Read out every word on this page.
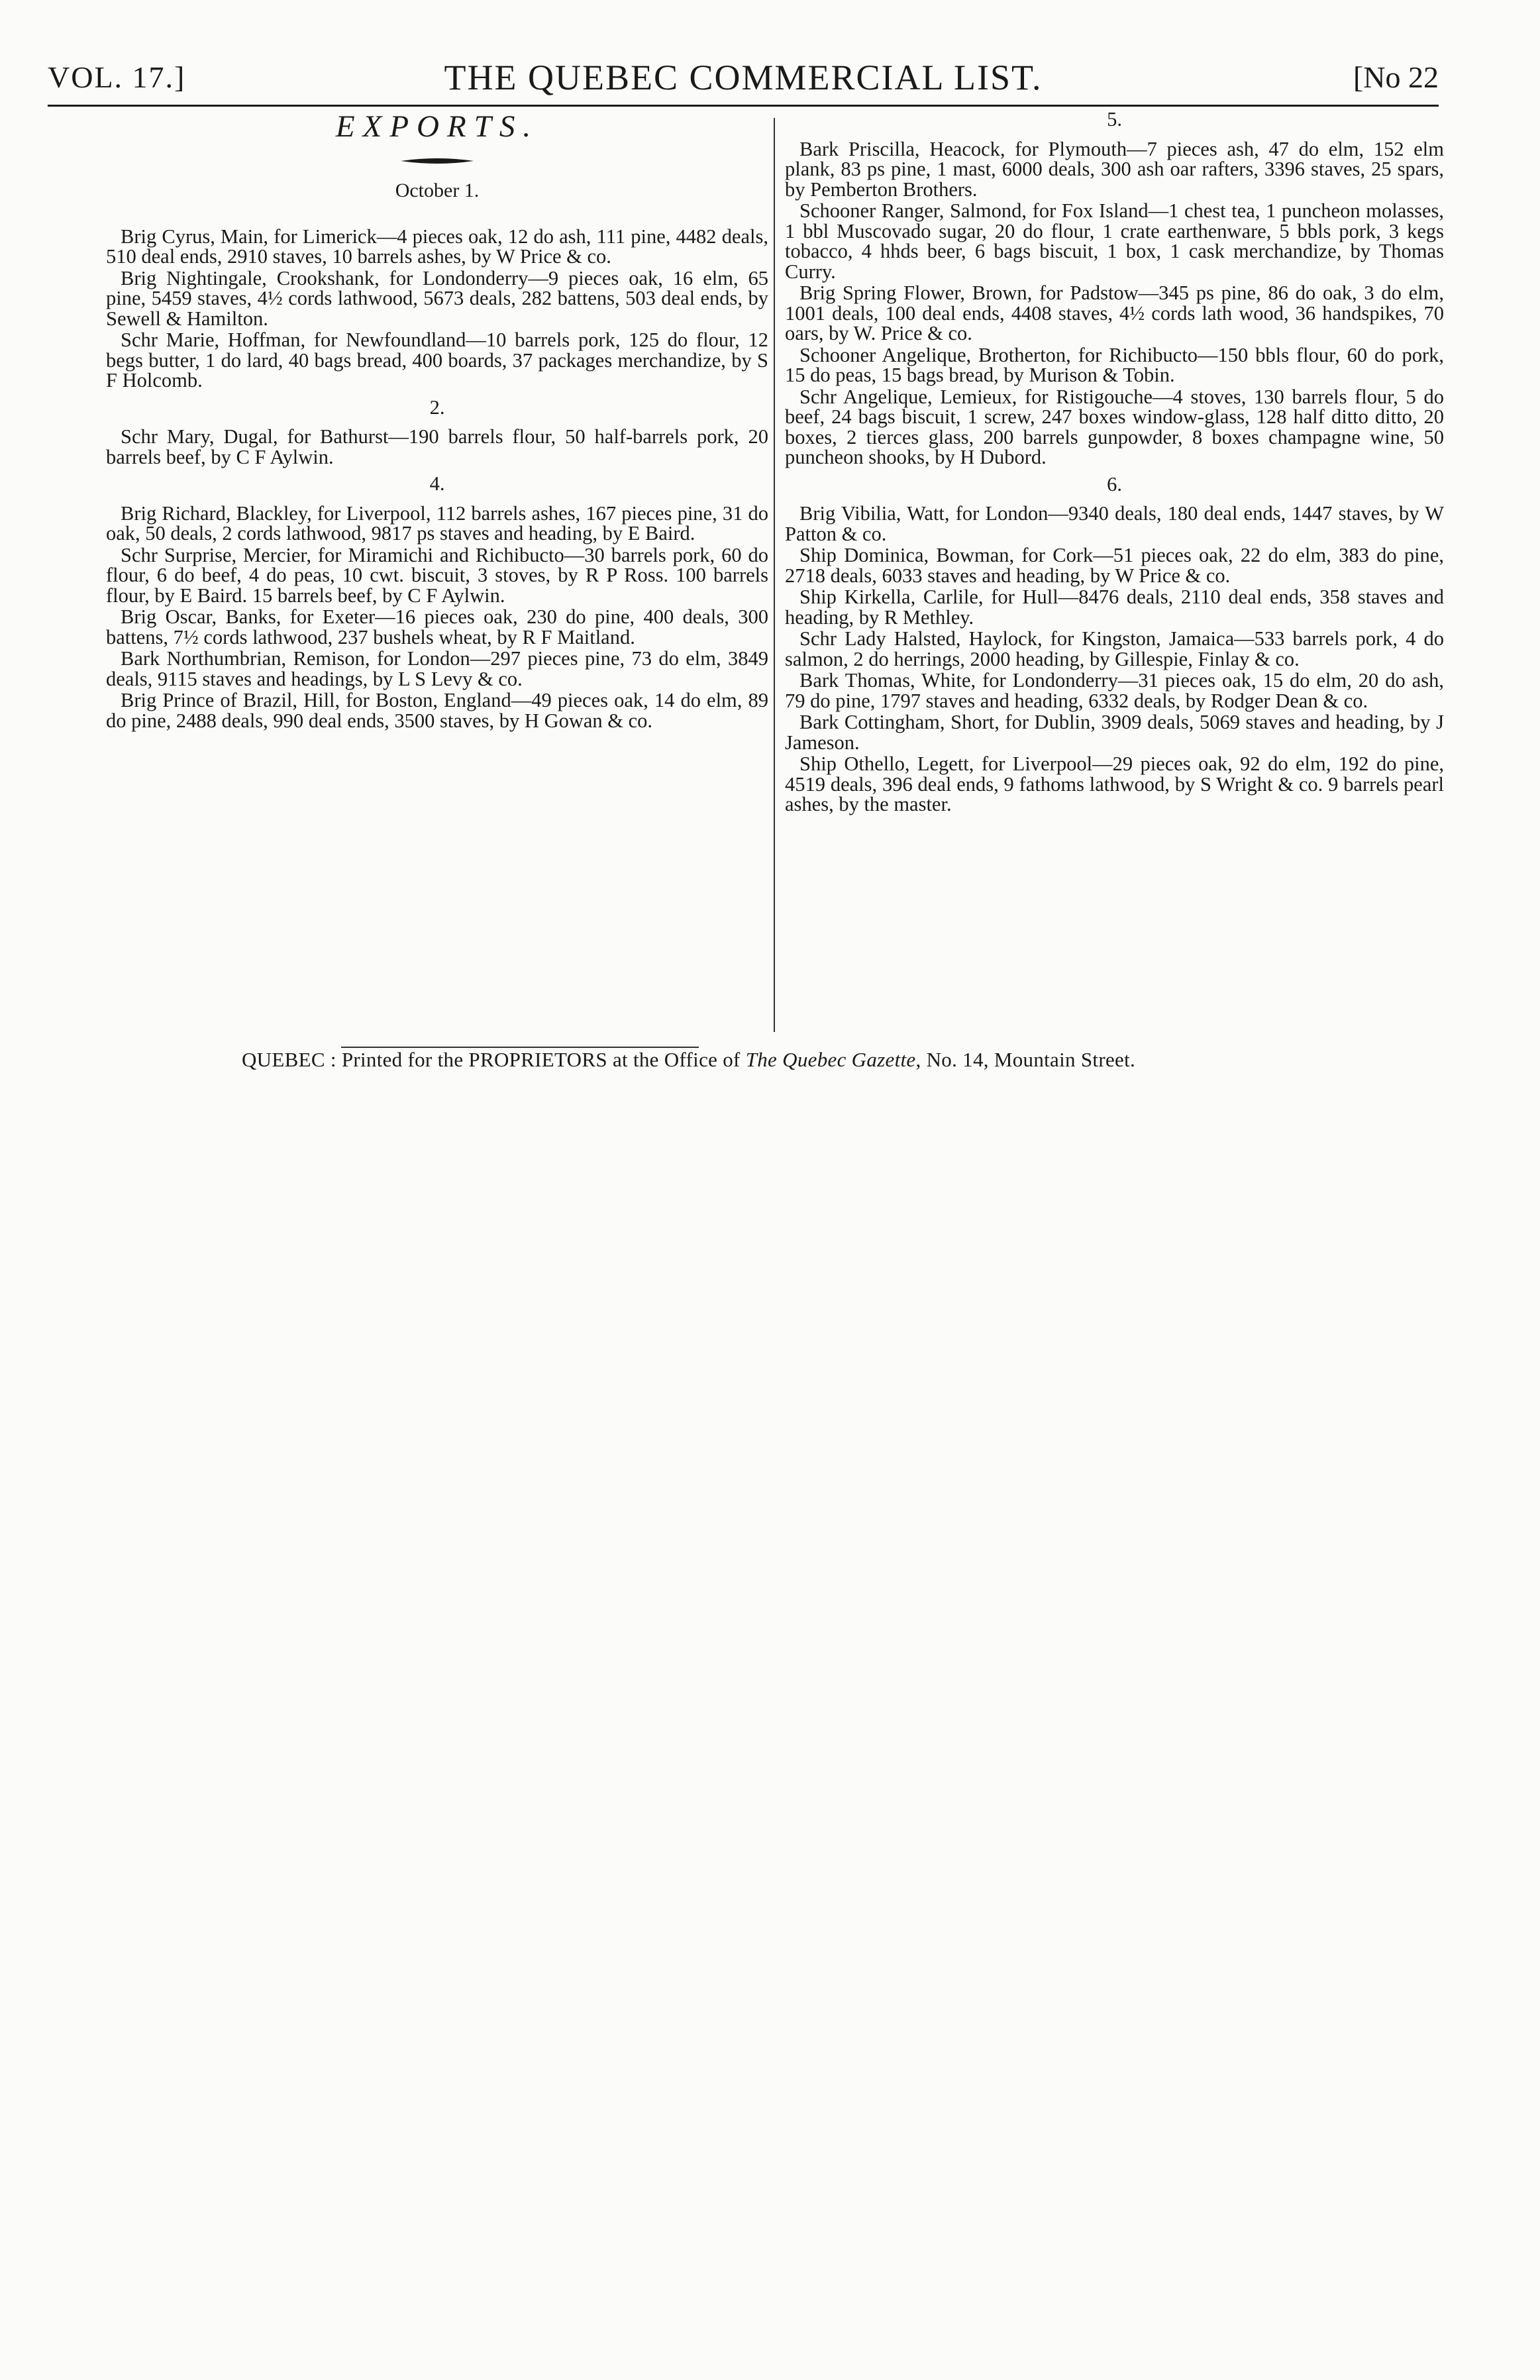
VOL. 17.]	THE QUEBEC COMMERCIAL LIST.	[No 22
EXPORTS.
October 1.

Brig Cyrus, Main, for Limerick—4 pieces oak, 12 do ash, 111 pine, 4482 deals, 510 deal ends, 2910 staves, 10 barrels ashes, by W Price & co.

Brig Nightingale, Crookshank, for Londonderry—9 pieces oak, 16 elm, 65 pine, 5459 staves, 4½ cords lathwood, 5673 deals, 282 battens, 503 deal ends, by Sewell & Hamilton.

Schr Marie, Hoffman, for Newfoundland—10 barrels pork, 125 do flour, 12 begs butter, 1 do lard, 40 bags bread, 400 boards, 37 packages merchandize, by S F Holcomb.

2.

Schr Mary, Dugal, for Bathurst—190 barrels flour, 50 half-barrels pork, 20 barrels beef, by C F Aylwin.

4.

Brig Richard, Blackley, for Liverpool, 112 barrels ashes, 167 pieces pine, 31 do oak, 50 deals, 2 cords lathwood, 9817 ps staves and heading, by E Baird.

Schr Surprise, Mercier, for Miramichi and Richibucto—30 barrels pork, 60 do flour, 6 do beef, 4 do peas, 10 cwt. biscuit, 3 stoves, by R P Ross. 100 barrels flour, by E Baird. 15 barrels beef, by C F Aylwin.

Brig Oscar, Banks, for Exeter—16 pieces oak, 230 do pine, 400 deals, 300 battens, 7½ cords lathwood, 237 bushels wheat, by R F Maitland.

Bark Northumbrian, Remison, for London—297 pieces pine, 73 do elm, 3849 deals, 9115 staves and headings, by L S Levy & co.

Brig Prince of Brazil, Hill, for Boston, England—49 pieces oak, 14 do elm, 89 do pine, 2488 deals, 990 deal ends, 3500 staves, by H Gowan & co.

5.

Bark Priscilla, Heacock, for Plymouth—7 pieces ash, 47 do elm, 152 elm plank, 83 ps pine, 1 mast, 6000 deals, 300 ash oar rafters, 3396 staves, 25 spars, by Pemberton Brothers.

Schooner Ranger, Salmond, for Fox Island—1 chest tea, 1 puncheon molasses, 1 bbl Muscovado sugar, 20 do flour, 1 crate earthenware, 5 bbls pork, 3 kegs tobacco, 4 hhds beer, 6 bags biscuit, 1 box, 1 cask merchandize, by Thomas Curry.

Brig Spring Flower, Brown, for Padstow—345 ps pine, 86 do oak, 3 do elm, 1001 deals, 100 deal ends, 4408 staves, 4½ cords lath wood, 36 handspikes, 70 oars, by W. Price & co.

Schooner Angelique, Brotherton, for Richibucto—150 bbls flour, 60 do pork, 15 do peas, 15 bags bread, by Murison & Tobin.

Schr Angelique, Lemieux, for Ristigouche—4 stoves, 130 barrels flour, 5 do beef, 24 bags biscuit, 1 screw, 247 boxes window-glass, 128 half ditto ditto, 20 boxes, 2 tierces glass, 200 barrels gunpowder, 8 boxes champagne wine, 50 puncheon shooks, by H Dubord.

6.

Brig Vibilia, Watt, for London—9340 deals, 180 deal ends, 1447 staves, by W Patton & co.

Ship Dominica, Bowman, for Cork—51 pieces oak, 22 do elm, 383 do pine, 2718 deals, 6033 staves and heading, by W Price & co.

Ship Kirkella, Carlile, for Hull—8476 deals, 2110 deal ends, 358 staves and heading, by R Methley.

Schr Lady Halsted, Haylock, for Kingston, Jamaica—533 barrels pork, 4 do salmon, 2 do herrings, 2000 heading, by Gillespie, Finlay & co.

Bark Thomas, White, for Londonderry—31 pieces oak, 15 do elm, 20 do ash, 79 do pine, 1797 staves and heading, 6332 deals, by Rodger Dean & co.

Bark Cottingham, Short, for Dublin, 3909 deals, 5069 staves and heading, by J Jameson.

Ship Othello, Legett, for Liverpool—29 pieces oak, 92 do elm, 192 do pine, 4519 deals, 396 deal ends, 9 fathoms lathwood, by S Wright & co. 9 barrels pearl ashes, by the master.

QUEBEC : Printed for the PROPRIETORS at the Office of The Quebec Gazette, No. 14, Mountain Street.
